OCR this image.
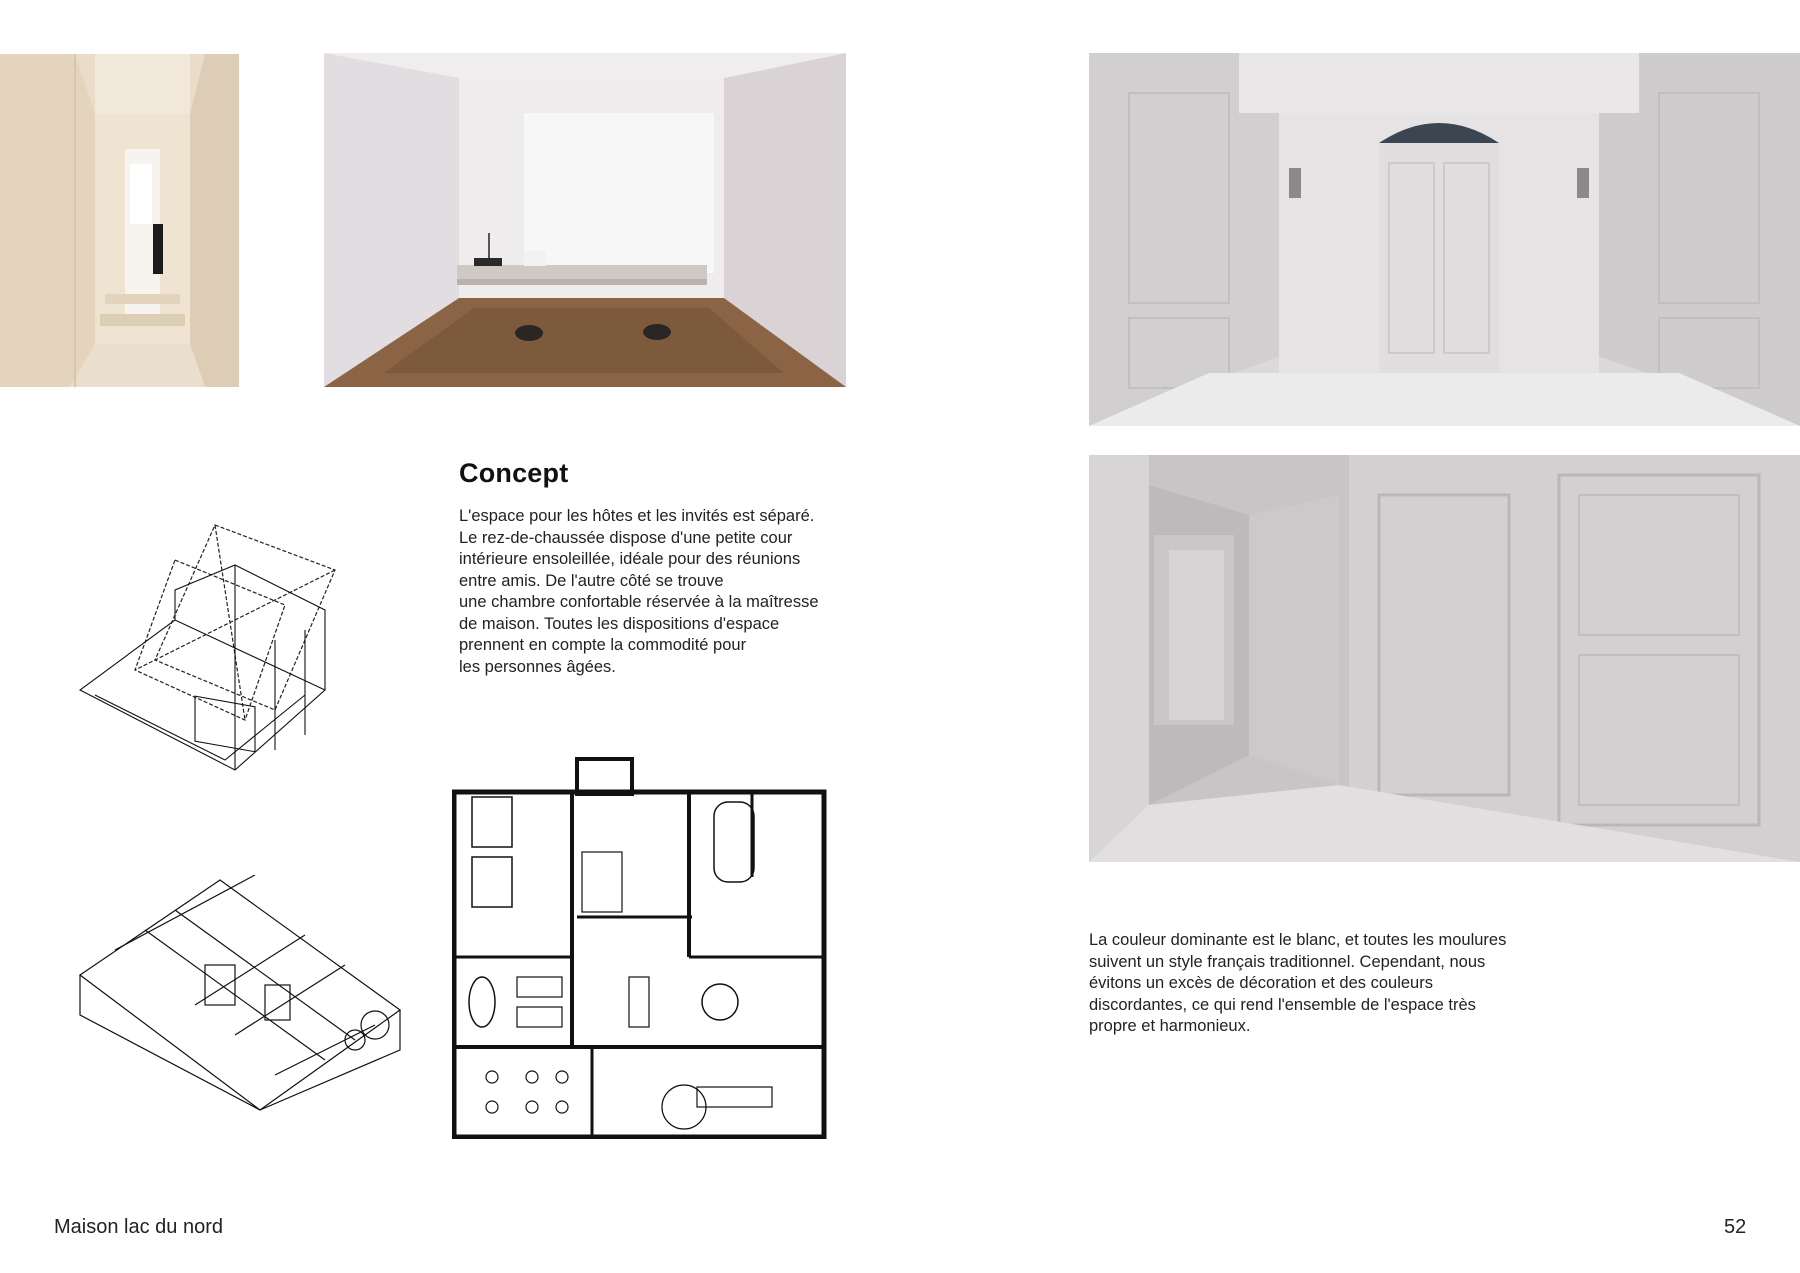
Concept
L'espace pour les hôtes et les invités est séparé.
Le rez-de-chaussée dispose d'une petite cour
intérieure ensoleillée, idéale pour des réunions
entre amis. De l'autre côté se trouve
une chambre confortable réservée à la maîtresse
de maison. Toutes les dispositions d'espace
prennent en compte la commodité pour
les personnes âgées.
La couleur dominante est le blanc, et toutes les moulures
suivent un style français traditionnel. Cependant, nous
évitons un excès de décoration et des couleurs
discordantes, ce qui rend l'ensemble de l'espace très
propre et harmonieux.
Maison lac du nord	52
